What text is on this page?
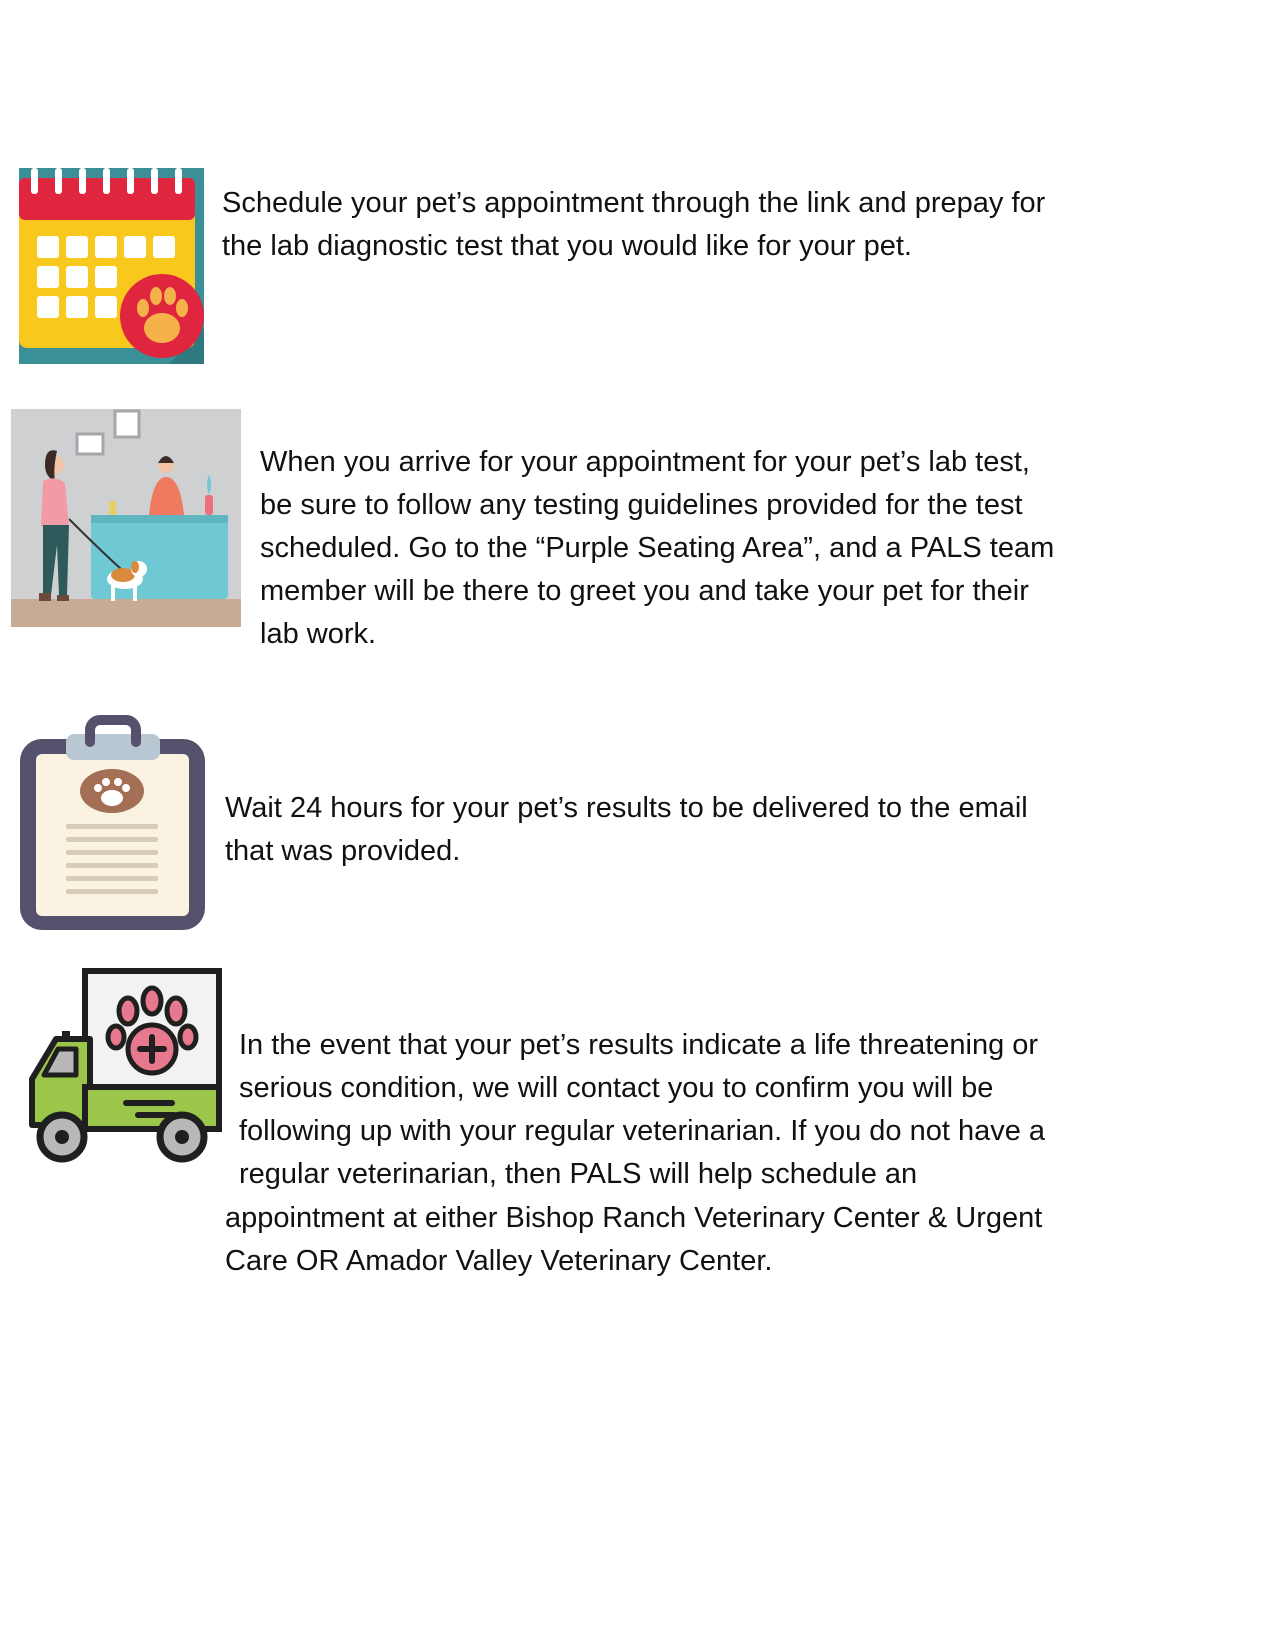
Schedule your pet’s appointment through the link and prepay for
the lab diagnostic test that you would like for your pet.

When you arrive for your appointment for your pet’s lab test,
be sure to follow any testing guidelines provided for the test
scheduled. Go to the “Purple Seating Area”, and a PALS team
member will be there to greet you and take your pet for their
lab work.

Wait 24 hours for your pet’s results to be delivered to the email
that was provided.

In the event that your pet’s results indicate a life threatening or
serious condition, we will contact you to confirm you will be
following up with your regular veterinarian. If you do not have a
regular veterinarian, then PALS will help schedule an

appointment at either Bishop Ranch Veterinary Center & Urgent
Care OR Amador Valley Veterinary Center.
